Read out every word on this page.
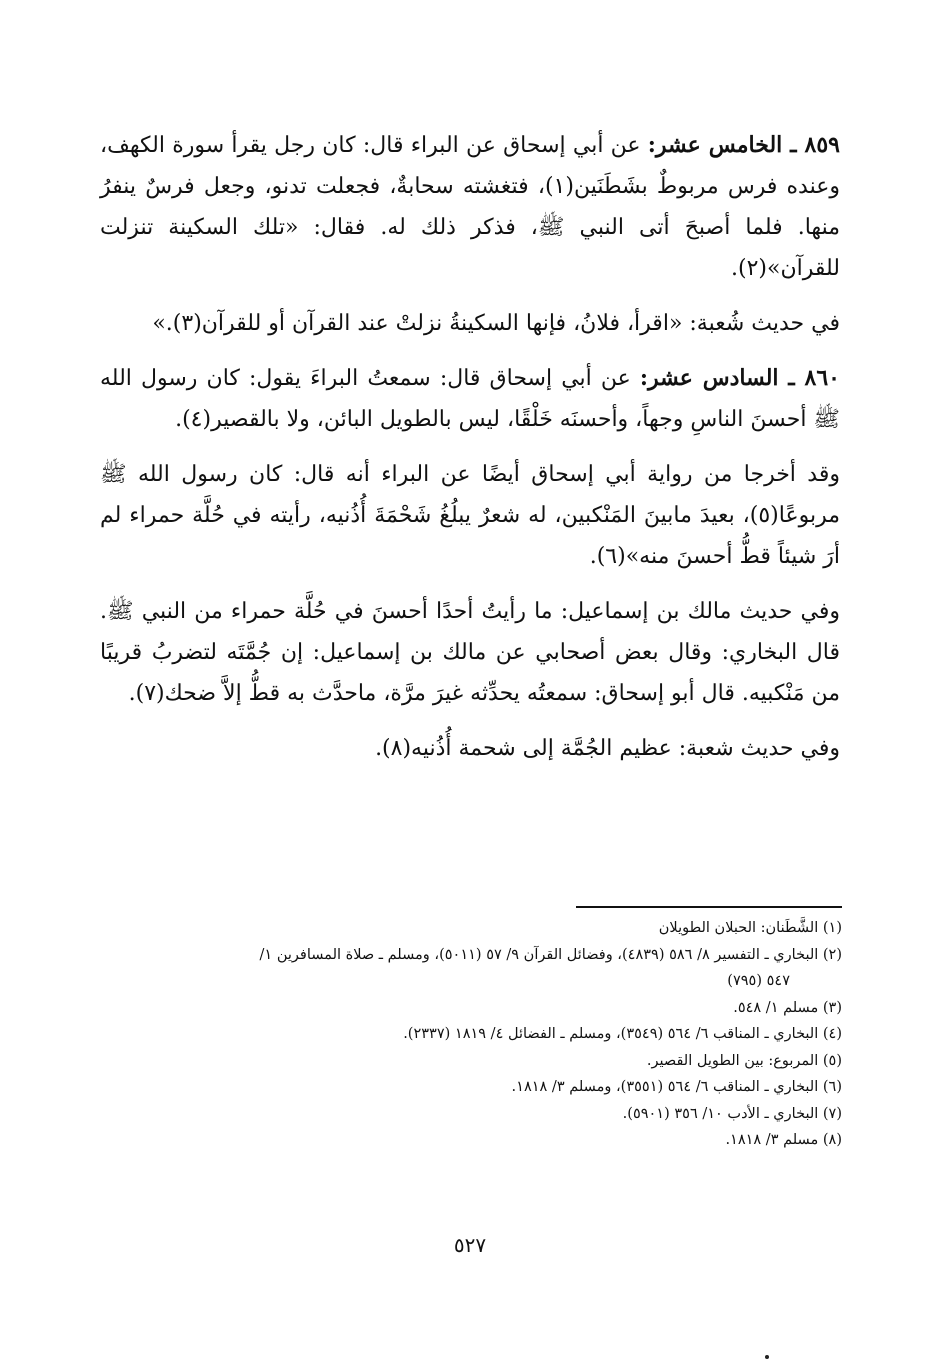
٨٥٩ ـ الخامس عشر: عن أبي إسحاق عن البراء قال: كان رجل يقرأ سورة الكهف، وعنده فرس مربوطٌ بشَطَنَين(١)، فتغشته سحابةٌ، فجعلت تدنو، وجعل فرسٌ ينفرُ منها. فلما أصبحَ أتى النبي ﷺ، فذكر ذلك له. فقال: «تلك السكينة تنزلت للقرآن»(٢).

في حديث شُعبة: «اقرأ، فلانُ، فإنها السكينةُ نزلتْ عند القرآن أو للقرآن(٣).»

٨٦٠ ـ السادس عشر: عن أبي إسحاق قال: سمعتُ البراءَ يقول: كان رسول الله ﷺ أحسنَ الناسِ وجهاً، وأحسنَه خَلْقًا، ليس بالطويل البائن، ولا بالقصير(٤).

وقد أخرجا من رواية أبي إسحاق أيضًا عن البراء أنه قال: كان رسول الله ﷺ مربوعًا(٥)، بعيدَ مابينَ المَنْكبين، له شعرٌ يبلُغُ شَحْمَةَ أُذُنيه، رأيته في حُلَّة حمراء لم أرَ شيئاً قطُّ أحسنَ منه»(٦).

وفي حديث مالك بن إسماعيل: ما رأيتُ أحدًا أحسنَ في حُلَّة حمراء من النبي ﷺ. قال البخاري: وقال بعض أصحابي عن مالك بن إسماعيل: إن جُمَّتَه لتضربُ قريبًا من مَنْكبيه. قال أبو إسحاق: سمعتُه يحدِّثه غيرَ مرَّة، ماحدَّث به قطُّ إلاَّ ضحك(٧).

وفي حديث شعبة: عظيم الجُمَّة إلى شحمة أُذُنيه(٨).

(١) الشَّطَنان: الحبلان الطويلان
(٢) البخاري ـ التفسير ٨/ ٥٨٦ (٤٨٣٩)، وفضائل القرآن ٩/ ٥٧ (٥٠١١)، ومسلم ـ صلاة المسافرين ١/
٥٤٧ (٧٩٥)
(٣) مسلم ١/ ٥٤٨.
(٤) البخاري ـ المناقب ٦/ ٥٦٤ (٣٥٤٩)، ومسلم ـ الفضائل ٤/ ١٨١٩ (٢٣٣٧).
(٥) المربوع: بين الطويل القصير.
(٦) البخاري ـ المناقب ٦/ ٥٦٤ (٣٥٥١)، ومسلم ٣/ ١٨١٨.
(٧) البخاري ـ الأدب ١٠/ ٣٥٦ (٥٩٠١).
(٨) مسلم ٣/ ١٨١٨.
٥٢٧
